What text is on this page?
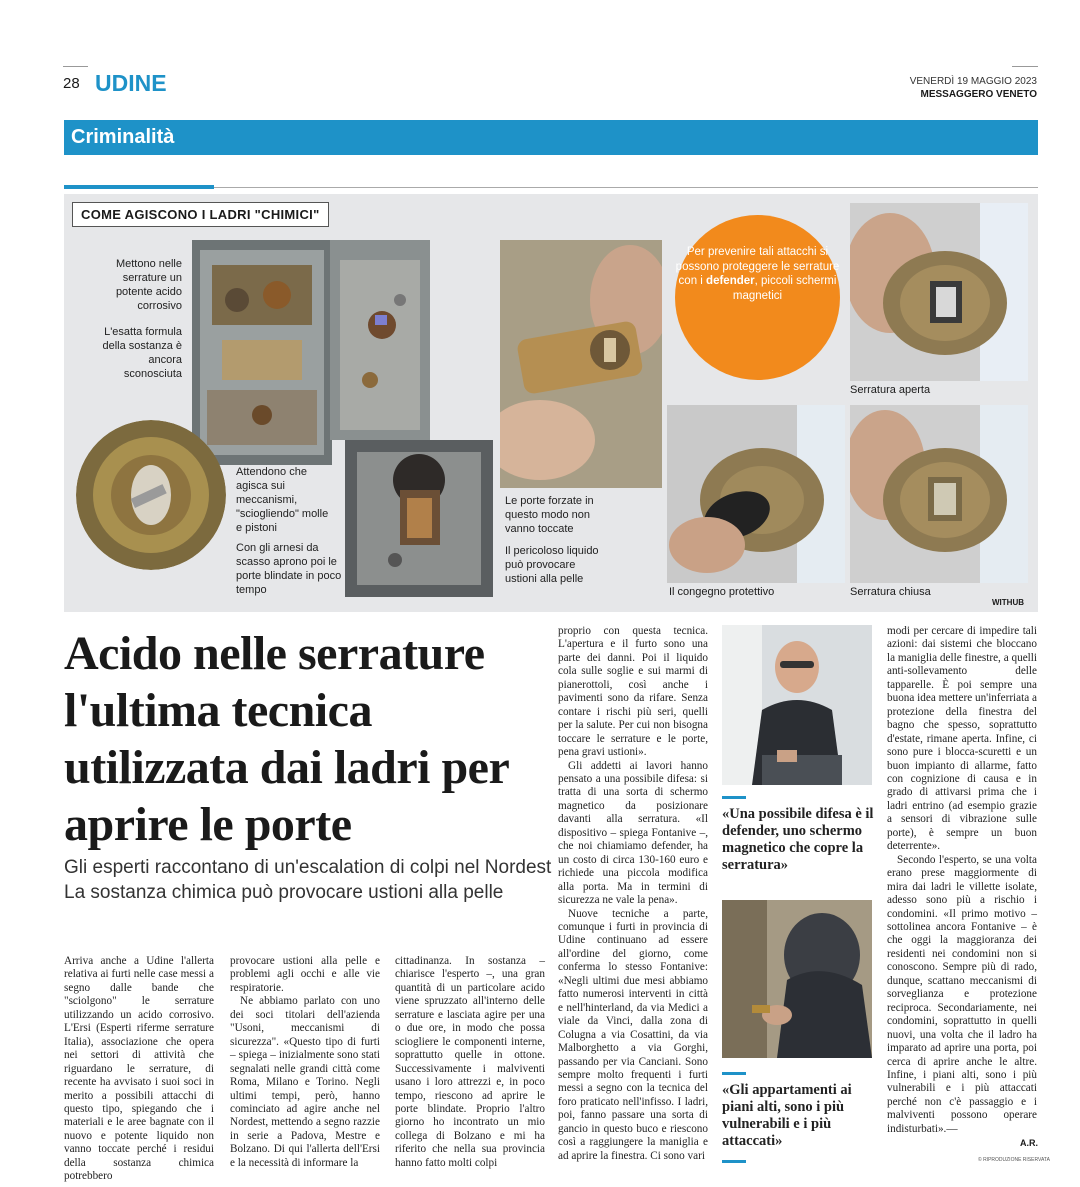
28 UDINE	VENERDÌ 19 MAGGIO 2023
MESSAGGERO VENETO
Criminalità
COME AGISCONO I LADRI "CHIMICI"
Mettono nelle serrature un potente acido corrosivo
L'esatta formula della sostanza è ancora sconosciuta
Attendono che agisca sui meccanismi, "sciogliendo" molle e pistoni
Con gli arnesi da scasso aprono poi le porte blindate in poco tempo
Le porte forzate in questo modo non vanno toccate
Il pericoloso liquido può provocare ustioni alla pelle
Per prevenire tali attacchi si possono proteggere le serrature con i defender, piccoli schermi magnetici
Serratura aperta
Il congegno protettivo	Serratura chiusa
WITHUB
Acido nelle serrature l'ultima tecnica utilizzata dai ladri per aprire le porte
Gli esperti raccontano di un'escalation di colpi nel Nordest La sostanza chimica può provocare ustioni alla pelle

Arriva anche a Udine l'allerta relativa ai furti nelle case messi a segno dalle bande che "sciolgono" le serrature utilizzando un acido corrosivo. L'Ersi (Esperti riferme serrature Italia), associazione che opera nei settori di attività che riguardano le serrature, di recente ha avvisato i suoi soci in merito a possibili attacchi di questo tipo, spiegando che i materiali e le aree bagnate con il nuovo e potente liquido non vanno toccate perché i residui della sostanza chimica potrebbero

provocare ustioni alla pelle e problemi agli occhi e alle vie respiratorie.

Ne abbiamo parlato con uno dei soci titolari dell'azienda "Usoni, meccanismi di sicurezza". «Questo tipo di furti – spiega – inizialmente sono stati segnalati nelle grandi città come Roma, Milano e Torino. Negli ultimi tempi, però, hanno cominciato ad agire anche nel Nordest, mettendo a segno razzie in serie a Padova, Mestre e Bolzano. Di qui l'allerta dell'Ersi e la necessità di informare la

cittadinanza. In sostanza – chiarisce l'esperto –, una gran quantità di un particolare acido viene spruzzato all'interno delle serrature e lasciata agire per una o due ore, in modo che possa sciogliere le componenti interne, soprattutto quelle in ottone. Successivamente i malviventi usano i loro attrezzi e, in poco tempo, riescono ad aprire le porte blindate. Proprio l'altro giorno ho incontrato un mio collega di Bolzano e mi ha riferito che nella sua provincia hanno fatto molti colpi

proprio con questa tecnica. L'apertura e il furto sono una parte dei danni. Poi il liquido cola sulle soglie e sui marmi di pianerottoli, così anche i pavimenti sono da rifare. Senza contare i rischi più seri, quelli per la salute. Per cui non bisogna toccare le serrature e le porte, pena gravi ustioni».

Gli addetti ai lavori hanno pensato a una possibile difesa: si tratta di una sorta di schermo magnetico da posizionare davanti alla serratura. «Il dispositivo – spiega Fontanive –, che noi chiamiamo defender, ha un costo di circa 130-160 euro e richiede una piccola modifica alla porta. Ma in termini di sicurezza ne vale la pena».

Nuove tecniche a parte, comunque i furti in provincia di Udine continuano ad essere all'ordine del giorno, come conferma lo stesso Fontanive: «Negli ultimi due mesi abbiamo fatto numerosi interventi in città e nell'hinterland, da via Medici a viale da Vinci, dalla zona di Colugna a via Cosattini, da via Malborghetto a via Gorghi, passando per via Canciani. Sono sempre molto frequenti i furti messi a segno con la tecnica del foro praticato nell'infisso. I ladri, poi, fanno passare una sorta di gancio in questo buco e riescono così a raggiungere la maniglia e ad aprire la finestra. Ci sono vari

«Una possibile difesa è il defender, uno schermo magnetico che copre la serratura»
«Gli appartamenti ai piani alti, sono i più vulnerabili e i più attaccati»

modi per cercare di impedire tali azioni: dai sistemi che bloccano la maniglia delle finestre, a quelli anti-sollevamento delle tapparelle. È poi sempre una buona idea mettere un'inferriata a protezione della finestra del bagno che spesso, soprattutto d'estate, rimane aperta. Infine, ci sono pure i blocca-scuretti e un buon impianto di allarme, fatto con cognizione di causa e in grado di attivarsi prima che i ladri entrino (ad esempio grazie a sensori di vibrazione sulle porte), è sempre un buon deterrente».

Secondo l'esperto, se una volta erano prese maggiormente di mira dai ladri le villette isolate, adesso sono più a rischio i condomini. «Il primo motivo – sottolinea ancora Fontanive – è che oggi la maggioranza dei residenti nei condomini non si conoscono. Sempre più di rado, dunque, scattano meccanismi di sorveglianza e protezione reciproca. Secondariamente, nei condomini, soprattutto in quelli nuovi, una volta che il ladro ha imparato ad aprire una porta, poi cerca di aprire anche le altre. Infine, i piani alti, sono i più vulnerabili e i più attaccati perché non c'è passaggio e i malviventi possono operare indisturbati».—

A.R.
© RIPRODUZIONE RISERVATA
